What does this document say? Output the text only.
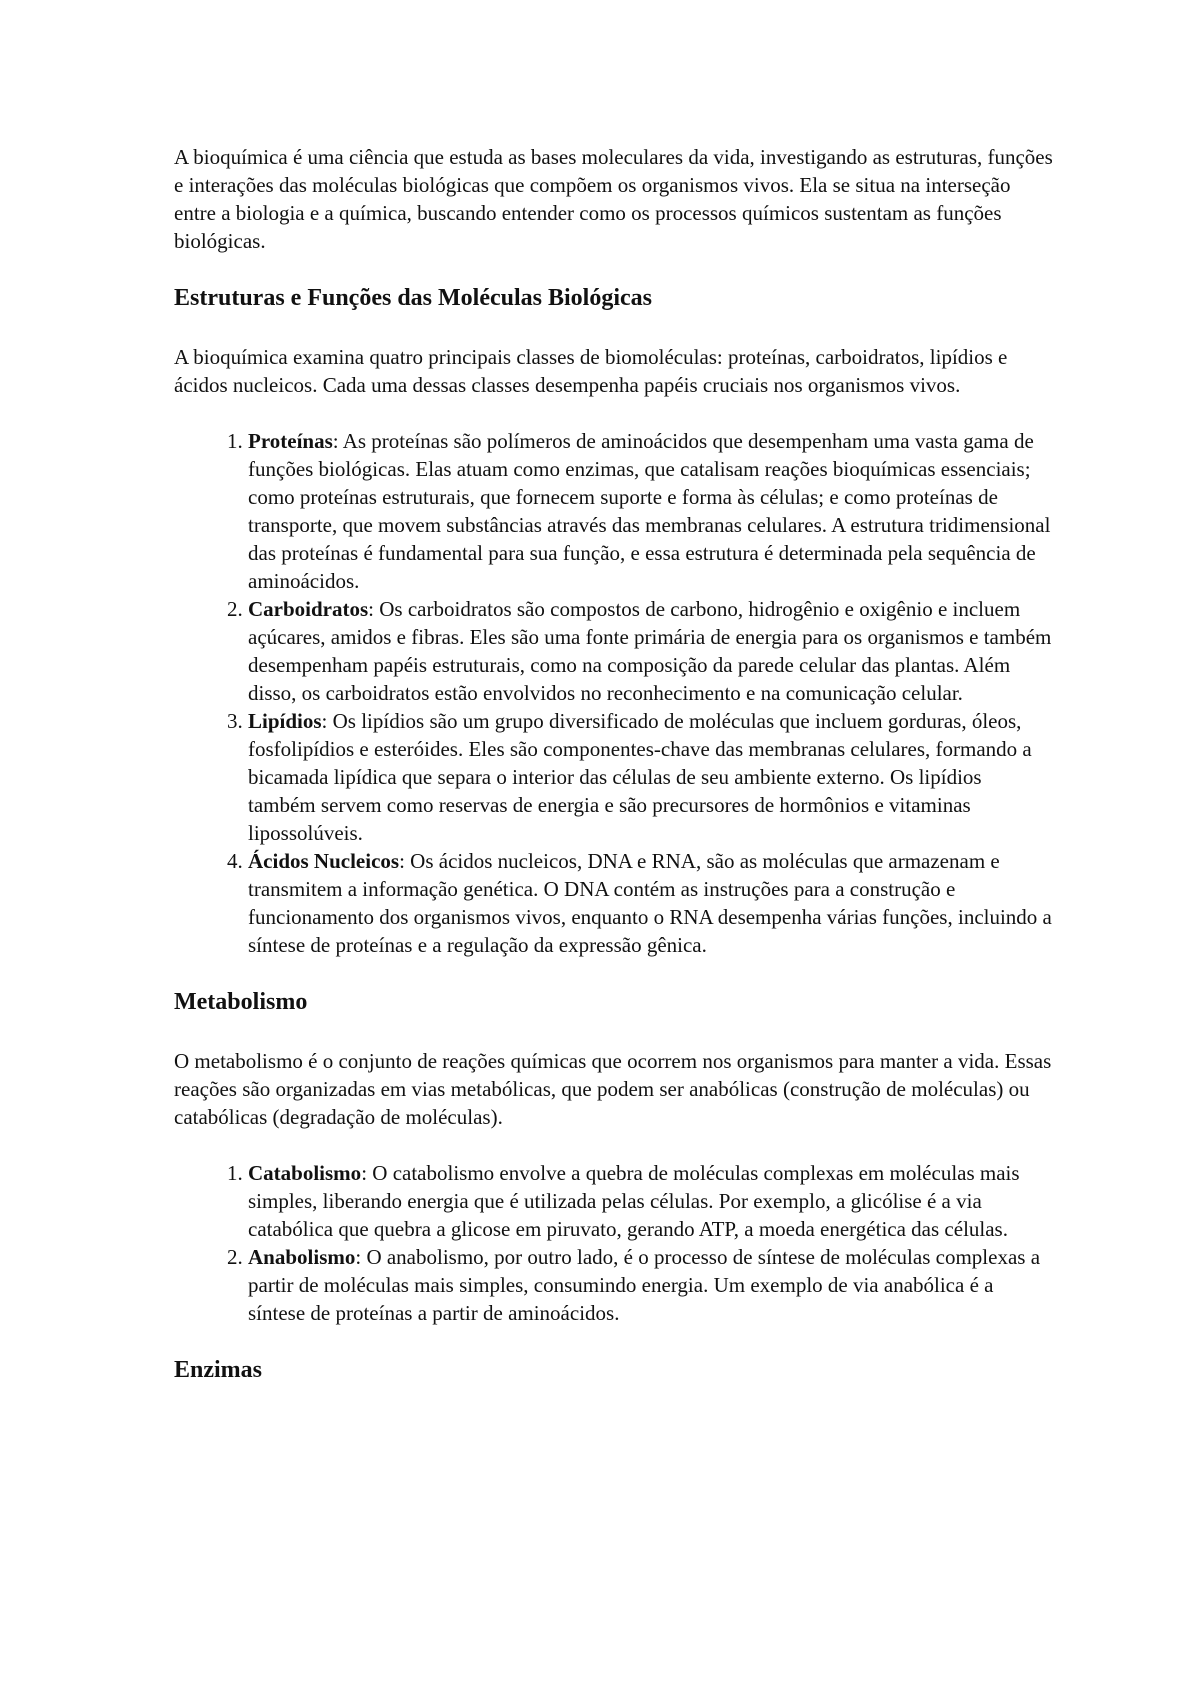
A bioquímica é uma ciência que estuda as bases moleculares da vida, investigando as estruturas, funções e interações das moléculas biológicas que compõem os organismos vivos. Ela se situa na interseção entre a biologia e a química, buscando entender como os processos químicos sustentam as funções biológicas.

Estruturas e Funções das Moléculas Biológicas

A bioquímica examina quatro principais classes de biomoléculas: proteínas, carboidratos, lipídios e ácidos nucleicos. Cada uma dessas classes desempenha papéis cruciais nos organismos vivos.

1. Proteínas: As proteínas são polímeros de aminoácidos que desempenham uma vasta gama de funções biológicas. Elas atuam como enzimas, que catalisam reações bioquímicas essenciais; como proteínas estruturais, que fornecem suporte e forma às células; e como proteínas de transporte, que movem substâncias através das membranas celulares. A estrutura tridimensional das proteínas é fundamental para sua função, e essa estrutura é determinada pela sequência de aminoácidos.
2. Carboidratos: Os carboidratos são compostos de carbono, hidrogênio e oxigênio e incluem açúcares, amidos e fibras. Eles são uma fonte primária de energia para os organismos e também desempenham papéis estruturais, como na composição da parede celular das plantas. Além disso, os carboidratos estão envolvidos no reconhecimento e na comunicação celular.
3. Lipídios: Os lipídios são um grupo diversificado de moléculas que incluem gorduras, óleos, fosfolipídios e esteróides. Eles são componentes-chave das membranas celulares, formando a bicamada lipídica que separa o interior das células de seu ambiente externo. Os lipídios também servem como reservas de energia e são precursores de hormônios e vitaminas lipossolúveis.
4. Ácidos Nucleicos: Os ácidos nucleicos, DNA e RNA, são as moléculas que armazenam e transmitem a informação genética. O DNA contém as instruções para a construção e funcionamento dos organismos vivos, enquanto o RNA desempenha várias funções, incluindo a síntese de proteínas e a regulação da expressão gênica.
Metabolismo

O metabolismo é o conjunto de reações químicas que ocorrem nos organismos para manter a vida. Essas reações são organizadas em vias metabólicas, que podem ser anabólicas (construção de moléculas) ou catabólicas (degradação de moléculas).

1. Catabolismo: O catabolismo envolve a quebra de moléculas complexas em moléculas mais simples, liberando energia que é utilizada pelas células. Por exemplo, a glicólise é a via catabólica que quebra a glicose em piruvato, gerando ATP, a moeda energética das células.
2. Anabolismo: O anabolismo, por outro lado, é o processo de síntese de moléculas complexas a partir de moléculas mais simples, consumindo energia. Um exemplo de via anabólica é a síntese de proteínas a partir de aminoácidos.
Enzimas
